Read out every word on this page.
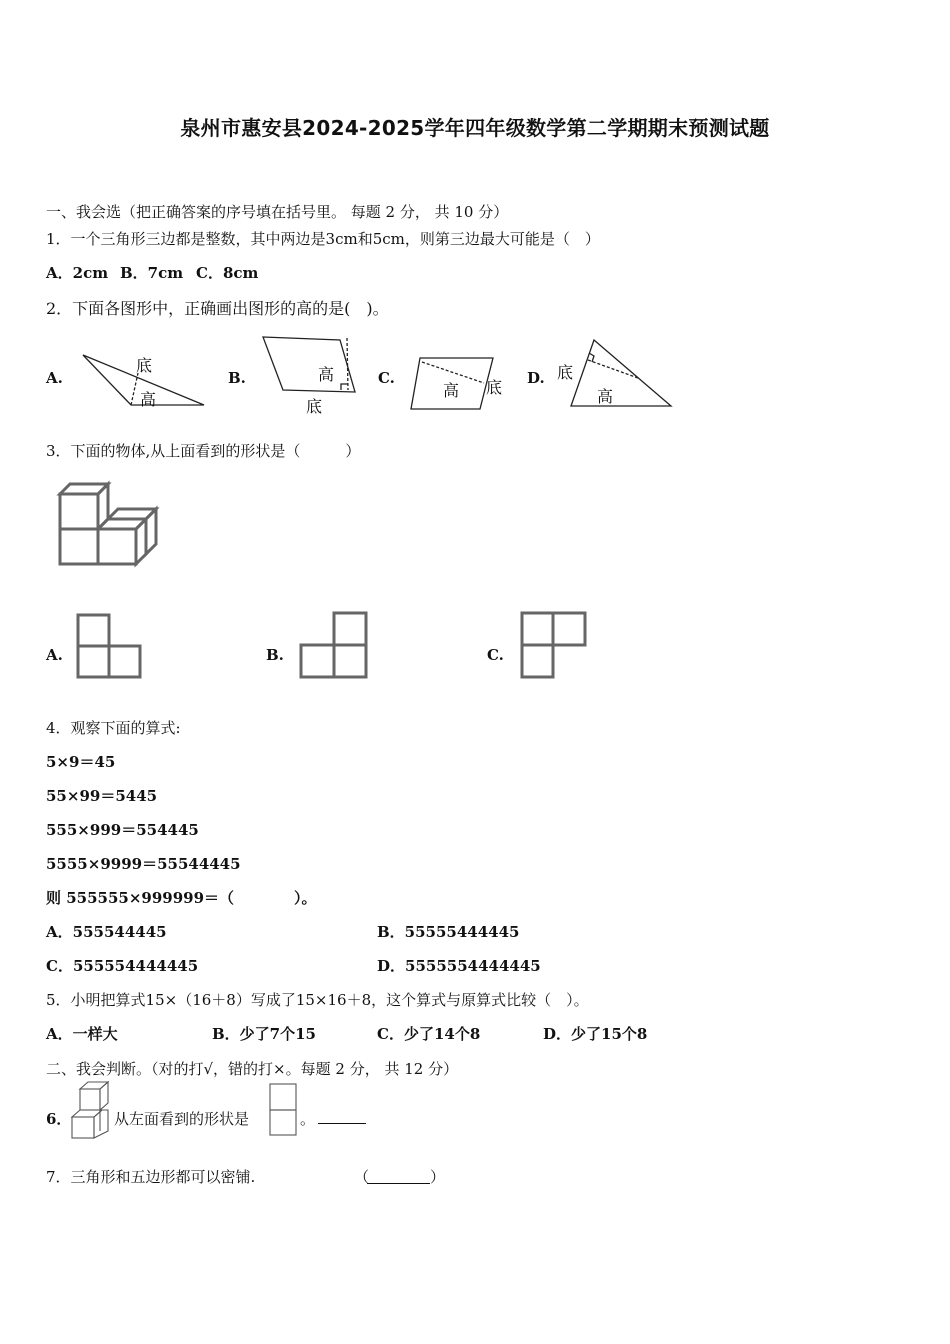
泉州市惠安县2024-2025学年四年级数学第二学期期末预测试题
一、我会选（把正确答案的序号填在括号里。 每题 2 分， 共 10 分）
1．一个三角形三边都是整数，其中两边是3cm和5cm，则第三边最大可能是（　）
A．2cm B．7cm C．8cm
2．下面各图形中，正确画出图形的高的是(　)。
A.
底
高
B.	高
底
C.
高 底 D. 底
高
3．下面的物体,从上面看到的形状是（　　　）
A.	B.	C.
4．观察下面的算式:
5×9＝45
55×99＝5445
555×999＝554445
5555×9999＝55544445
则 555555×999999＝（　　　　）。
A．555544445	B．55555444445
C．555554444445	D．5555554444445
5．小明把算式15×（16＋8）写成了15×16＋8，这个算式与原算式比较（　）。
A．一样大	B．少了7个15	C．少了14个8	D．少了15个8
二、我会判断。（对的打√，错的打×。每题 2 分， 共 12 分）
6．	从左面看到的形状是	。
7．三角形和五边形都可以密铺.	（	）
